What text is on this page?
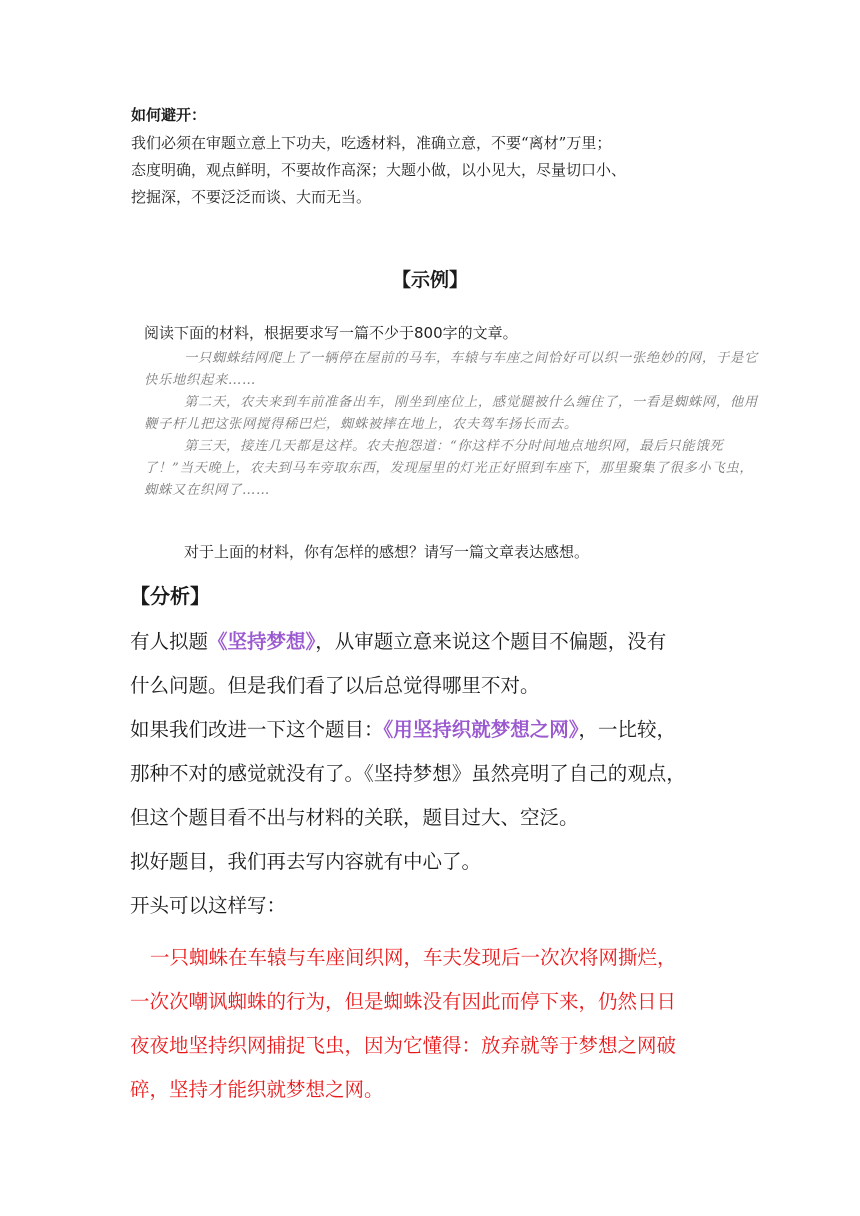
如何避开：
我们必须在审题立意上下功夫，吃透材料，准确立意，不要“离材”万里；
态度明确，观点鲜明，不要故作高深；大题小做，以小见大，尽量切口小、
挖掘深，不要泛泛而谈、大而无当。
【示例】
阅读下面的材料，根据要求写一篇不少于800字的文章。

一只蜘蛛结网爬上了一辆停在屋前的马车，车辕与车座之间恰好可以织一张绝妙的网，于是它快乐地织起来……

第二天，农夫来到车前准备出车，刚坐到座位上，感觉腿被什么缠住了，一看是蜘蛛网，他用鞭子杆儿把这张网搅得稀巴烂，蜘蛛被摔在地上，农夫驾车扬长而去。

第三天，接连几天都是这样。农夫抱怨道：“你这样不分时间地点地织网，最后只能饿死了！”当天晚上，农夫到马车旁取东西，发现屋里的灯光正好照到车座下，那里聚集了很多小飞虫，蜘蛛又在织网了……

对于上面的材料，你有怎样的感想？请写一篇文章表达感想。
【分析】
有人拟题《坚持梦想》，从审题立意来说这个题目不偏题，没有
什么问题。但是我们看了以后总觉得哪里不对。
如果我们改进一下这个题目：《用坚持织就梦想之网》，一比较，
那种不对的感觉就没有了。《坚持梦想》虽然亮明了自己的观点，
但这个题目看不出与材料的关联，题目过大、空泛。
拟好题目，我们再去写内容就有中心了。
开头可以这样写：
一只蜘蛛在车辕与车座间织网，车夫发现后一次次将网撕烂，
一次次嘲讽蜘蛛的行为，但是蜘蛛没有因此而停下来，仍然日日
夜夜地坚持织网捕捉飞虫，因为它懂得：放弃就等于梦想之网破
碎，坚持才能织就梦想之网。
